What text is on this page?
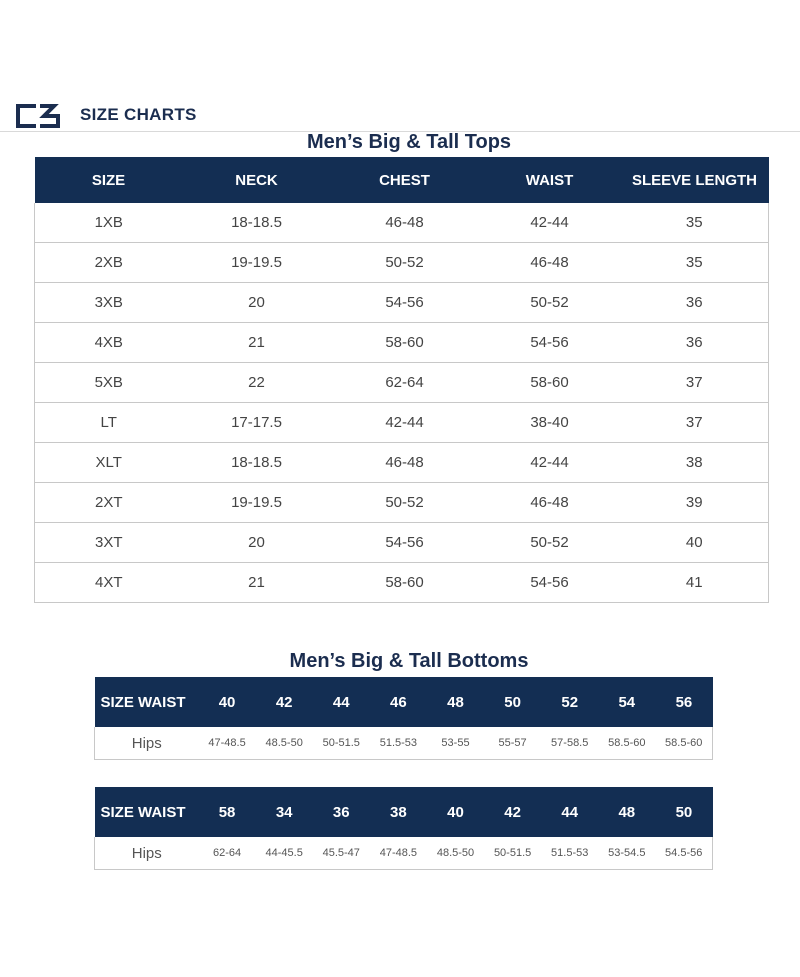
SIZE CHARTS
Men’s Big & Tall Tops
SIZE	NECK	CHEST	WAIST	SLEEVE LENGTH
1XB	18-18.5	46-48	42-44	35
2XB	19-19.5	50-52	46-48	35
3XB	20	54-56	50-52	36
4XB	21	58-60	54-56	36
5XB	22	62-64	58-60	37
LT	17-17.5	42-44	38-40	37
XLT	18-18.5	46-48	42-44	38
2XT	19-19.5	50-52	46-48	39
3XT	20	54-56	50-52	40
4XT	21	58-60	54-56	41
Men’s Big & Tall Bottoms
SIZE WAIST	40	42	44	46	48	50	52	54	56
Hips	47-48.5	48.5-50	50-51.5	51.5-53	53-55	55-57	57-58.5	58.5-60	58.5-60
SIZE WAIST	58	34	36	38	40	42	44	48	50
Hips	62-64	44-45.5	45.5-47	47-48.5	48.5-50	50-51.5	51.5-53	53-54.5	54.5-56
